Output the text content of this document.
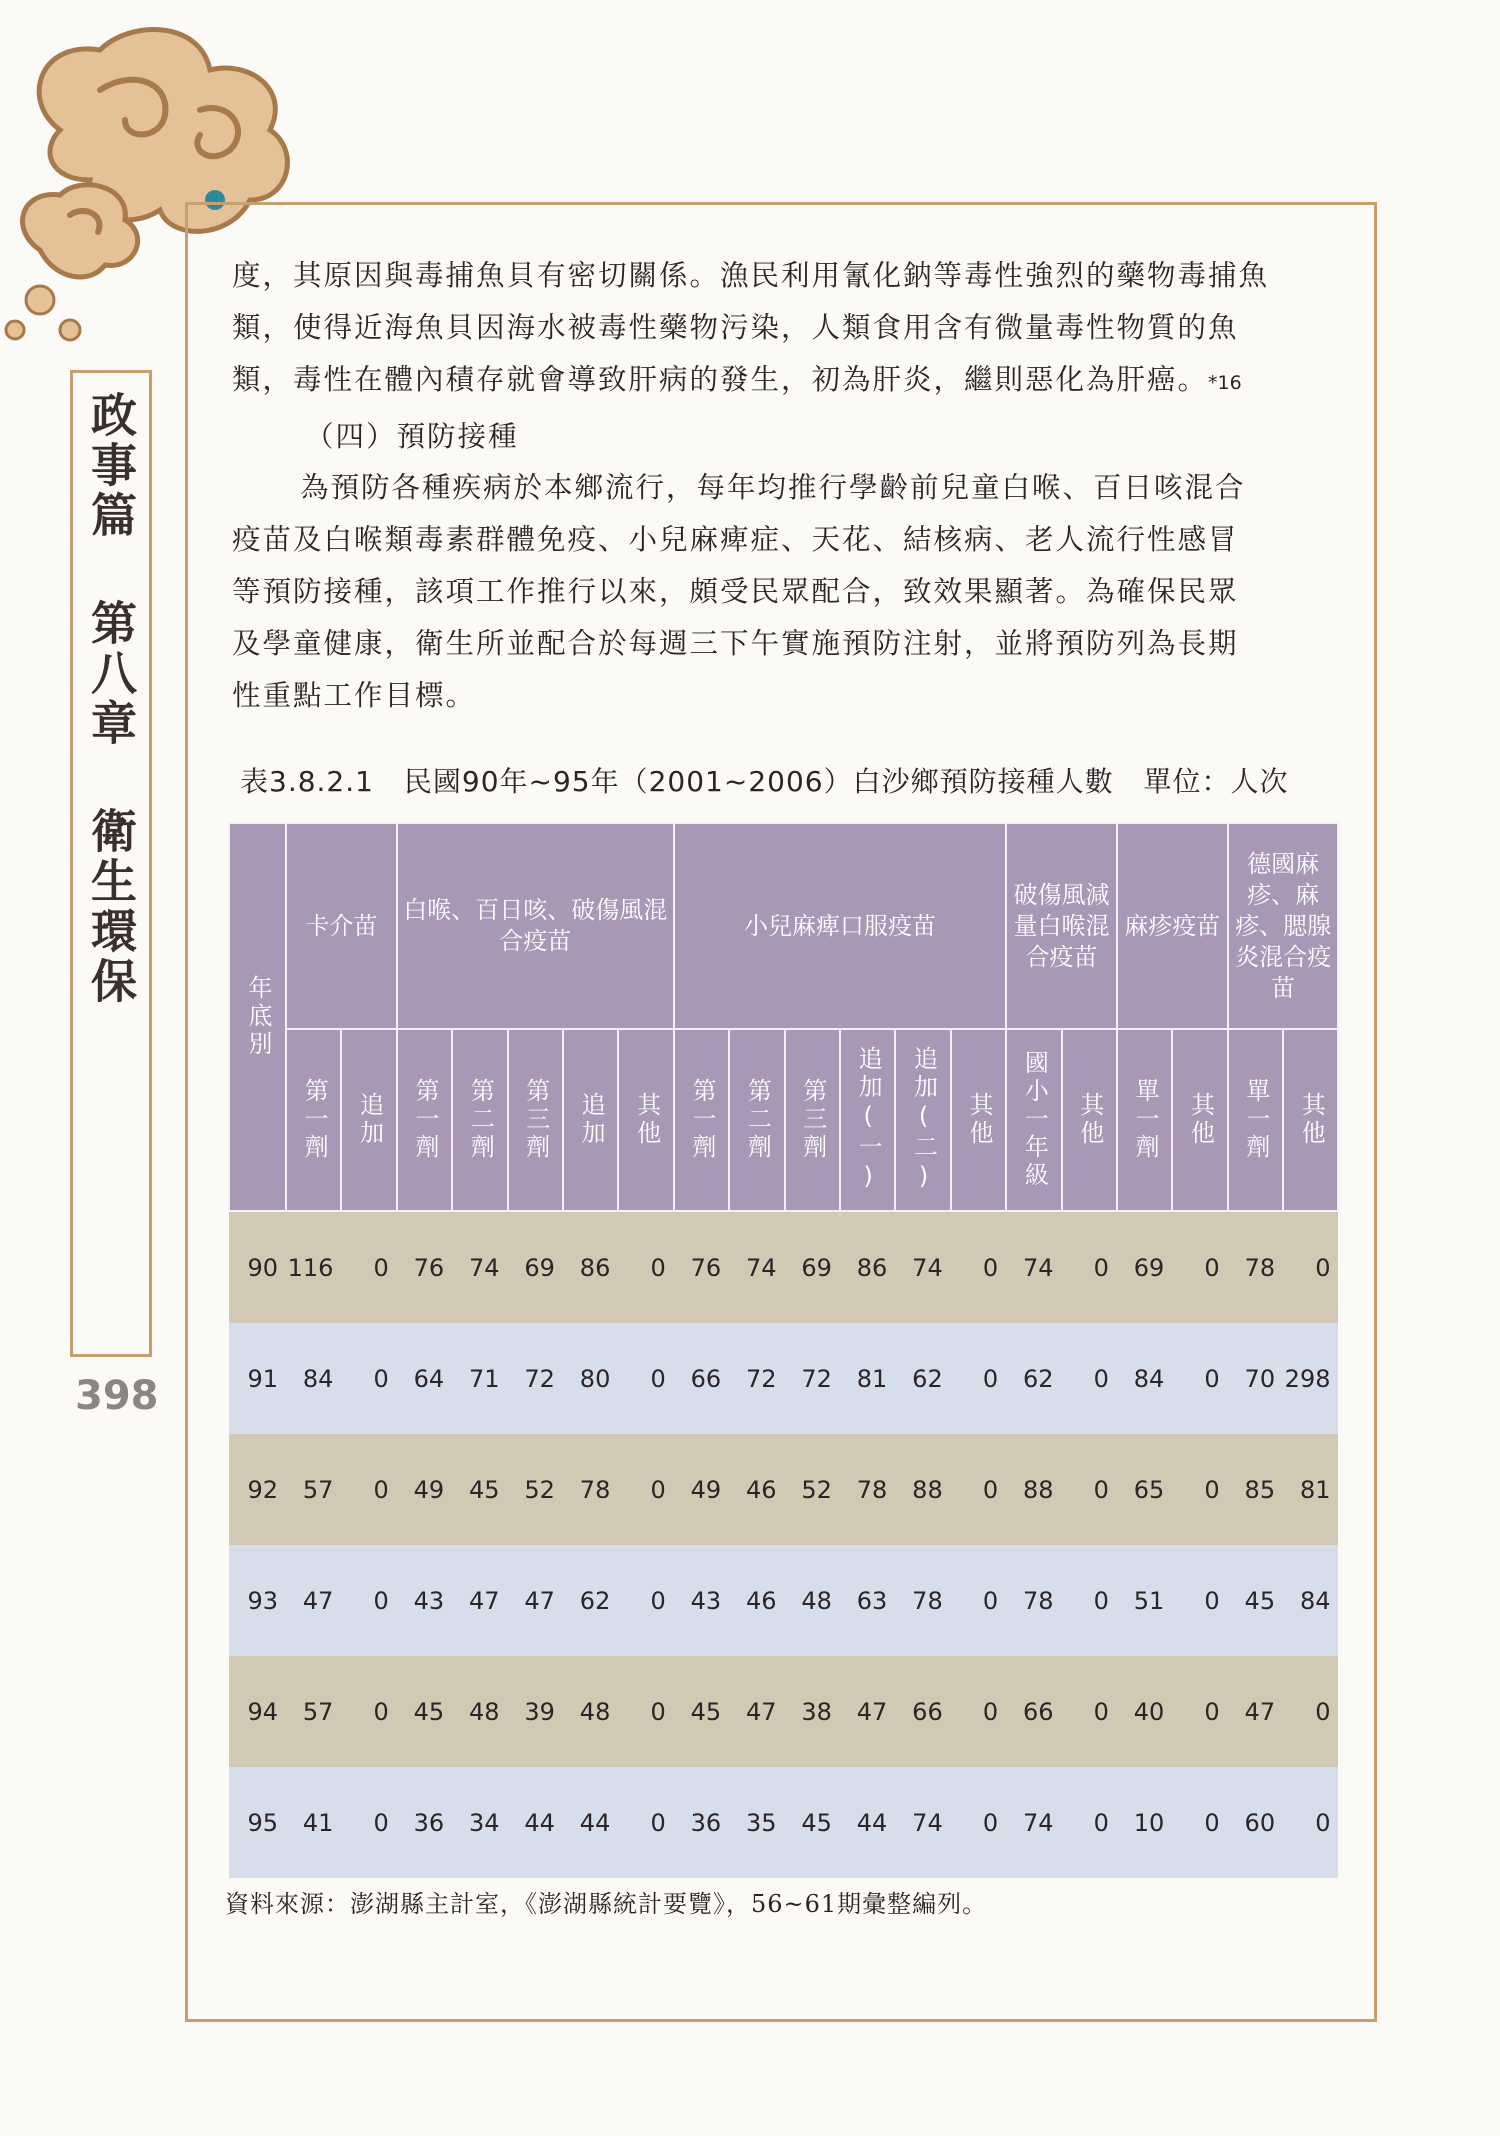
政事篇 第八章 衛生環保
398
度，其原因與毒捕魚貝有密切關係。漁民利用氰化鈉等毒性強烈的藥物毒捕魚
類，使得近海魚貝因海水被毒性藥物污染，人類食用含有微量毒性物質的魚
類，毒性在體內積存就會導致肝病的發生，初為肝炎，繼則惡化為肝癌。*16
（四）預防接種
為預防各種疾病於本鄉流行，每年均推行學齡前兒童白喉、百日咳混合
疫苗及白喉類毒素群體免疫、小兒麻痺症、天花、結核病、老人流行性感冒
等預防接種，該項工作推行以來，頗受民眾配合，致效果顯著。為確保民眾
及學童健康，衛生所並配合於每週三下午實施預防注射，並將預防列為長期
性重點工作目標。
表3.8.2.1 民國90年~95年（2001~2006）白沙鄉預防接種人數 單位：人次
年底別	卡介苗		白喉、百日咳、破傷風混合疫苗					小兒麻痺口服疫苗						破傷風減量白喉混合疫苗		麻疹疫苗		德國麻疹、麻疹、腮腺炎混合疫苗	
	第一劑	追加	第一劑	第二劑	第三劑	追加	其他	第一劑	第二劑	第三劑	追加(一)	追加(二)	其他	國小一年級	其他	單一劑	其他	單一劑	其他
90	116	0	76	74	69	86	0	76	74	69	86	74	0	74	0	69	0	78	0
91	84	0	64	71	72	80	0	66	72	72	81	62	0	62	0	84	0	70	298
92	57	0	49	45	52	78	0	49	46	52	78	88	0	88	0	65	0	85	81
93	47	0	43	47	47	62	0	43	46	48	63	78	0	78	0	51	0	45	84
94	57	0	45	48	39	48	0	45	47	38	47	66	0	66	0	40	0	47	0
95	41	0	36	34	44	44	0	36	35	45	44	74	0	74	0	10	0	60	0
資料來源：澎湖縣主計室，《澎湖縣統計要覽》，56~61期彙整編列。
